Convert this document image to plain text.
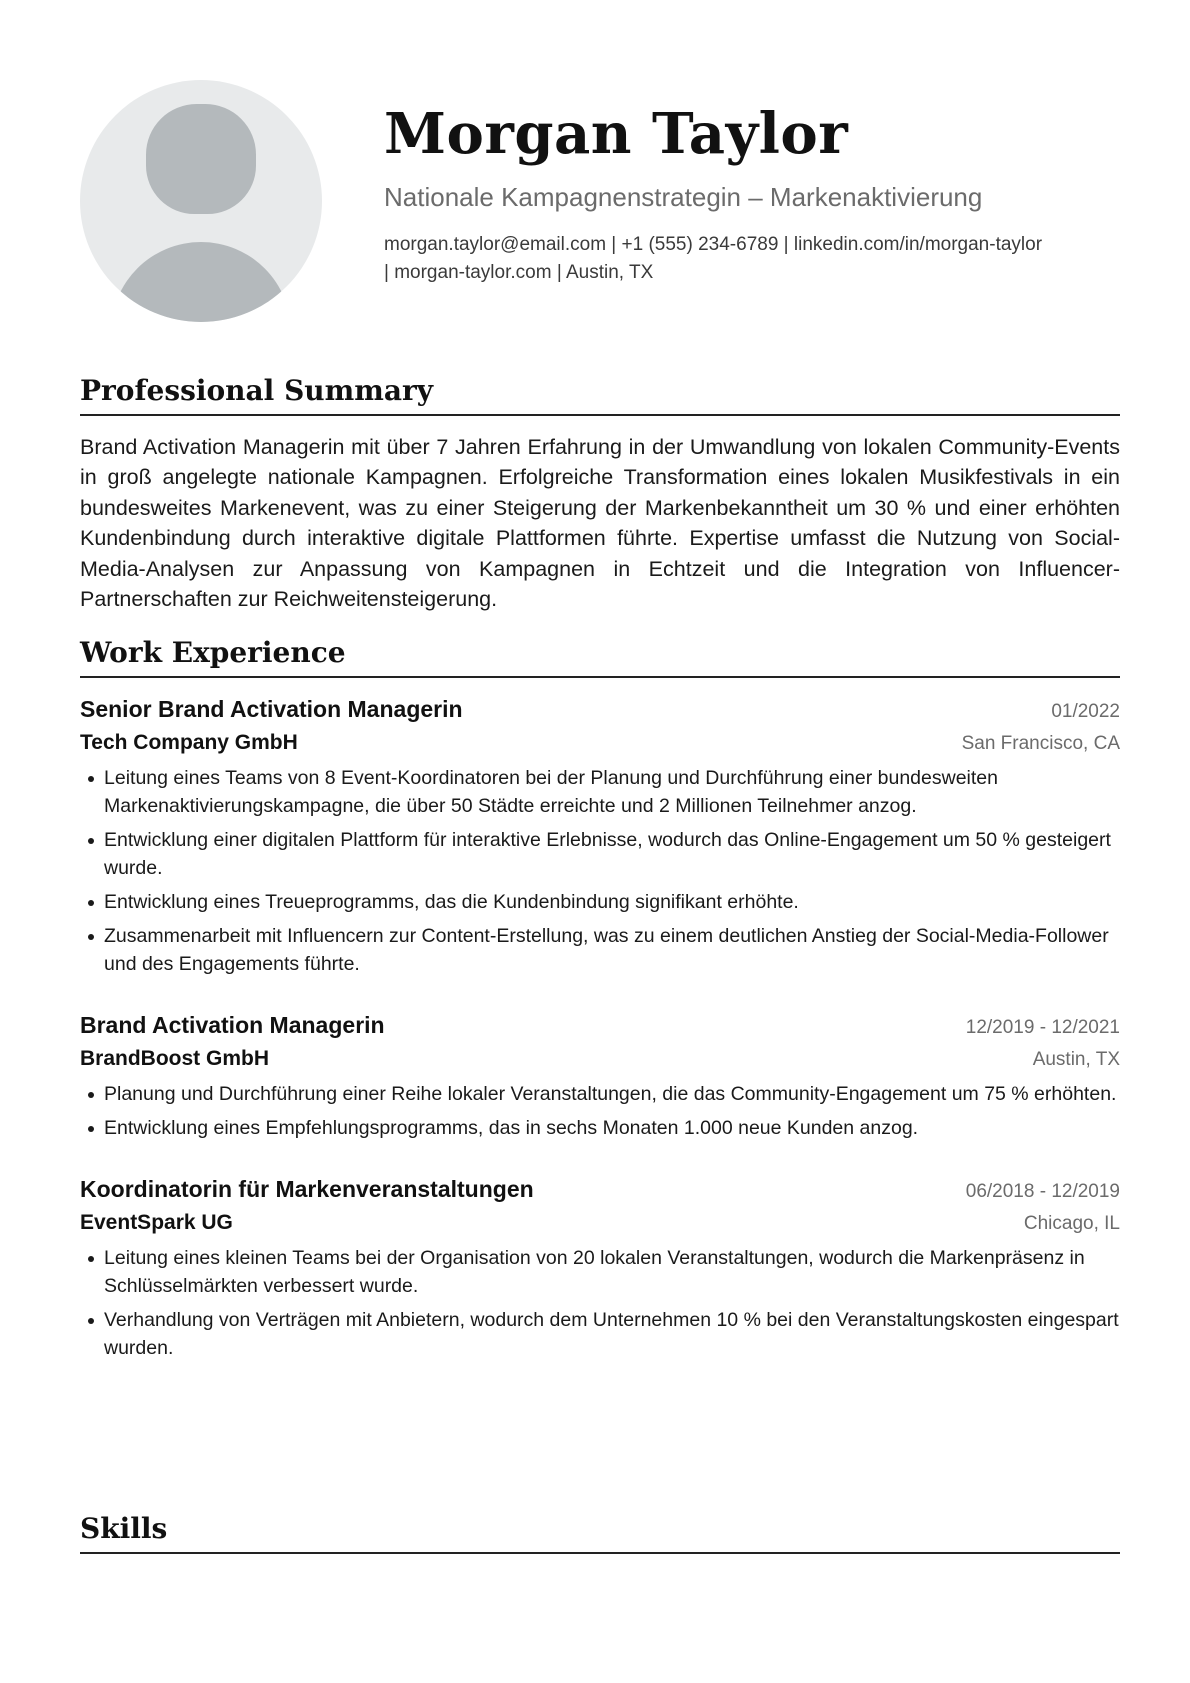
Morgan Taylor
Nationale Kampagnenstrategin – Markenaktivierung
morgan.taylor@email.com | +1 (555) 234-6789 | linkedin.com/in/morgan-taylor
| morgan-taylor.com | Austin, TX
Professional Summary
Brand Activation Managerin mit über 7 Jahren Erfahrung in der Umwandlung von lokalen Community-Events in groß angelegte nationale Kampagnen. Erfolgreiche Transformation eines lokalen Musikfestivals in ein bundesweites Markenevent, was zu einer Steigerung der Markenbekanntheit um 30 % und einer erhöhten Kundenbindung durch interaktive digitale Plattformen führte. Expertise umfasst die Nutzung von Social-Media-Analysen zur Anpassung von Kampagnen in Echtzeit und die Integration von Influencer-Partnerschaften zur Reichweitensteigerung.
Work Experience
Senior Brand Activation Managerin	01/2022
Tech Company GmbH	San Francisco, CA
Leitung eines Teams von 8 Event-Koordinatoren bei der Planung und Durchführung einer bundesweiten Markenaktivierungskampagne, die über 50 Städte erreichte und 2 Millionen Teilnehmer anzog.
Entwicklung einer digitalen Plattform für interaktive Erlebnisse, wodurch das Online-Engagement um 50 % gesteigert wurde.
Entwicklung eines Treueprogramms, das die Kundenbindung signifikant erhöhte.
Zusammenarbeit mit Influencern zur Content-Erstellung, was zu einem deutlichen Anstieg der Social-Media-Follower und des Engagements führte.
Brand Activation Managerin	12/2019 - 12/2021
BrandBoost GmbH	Austin, TX
Planung und Durchführung einer Reihe lokaler Veranstaltungen, die das Community-Engagement um 75 % erhöhten.
Entwicklung eines Empfehlungsprogramms, das in sechs Monaten 1.000 neue Kunden anzog.
Koordinatorin für Markenveranstaltungen	06/2018 - 12/2019
EventSpark UG	Chicago, IL
Leitung eines kleinen Teams bei der Organisation von 20 lokalen Veranstaltungen, wodurch die Markenpräsenz in Schlüsselmärkten verbessert wurde.
Verhandlung von Verträgen mit Anbietern, wodurch dem Unternehmen 10 % bei den Veranstaltungskosten eingespart wurden.
Skills
